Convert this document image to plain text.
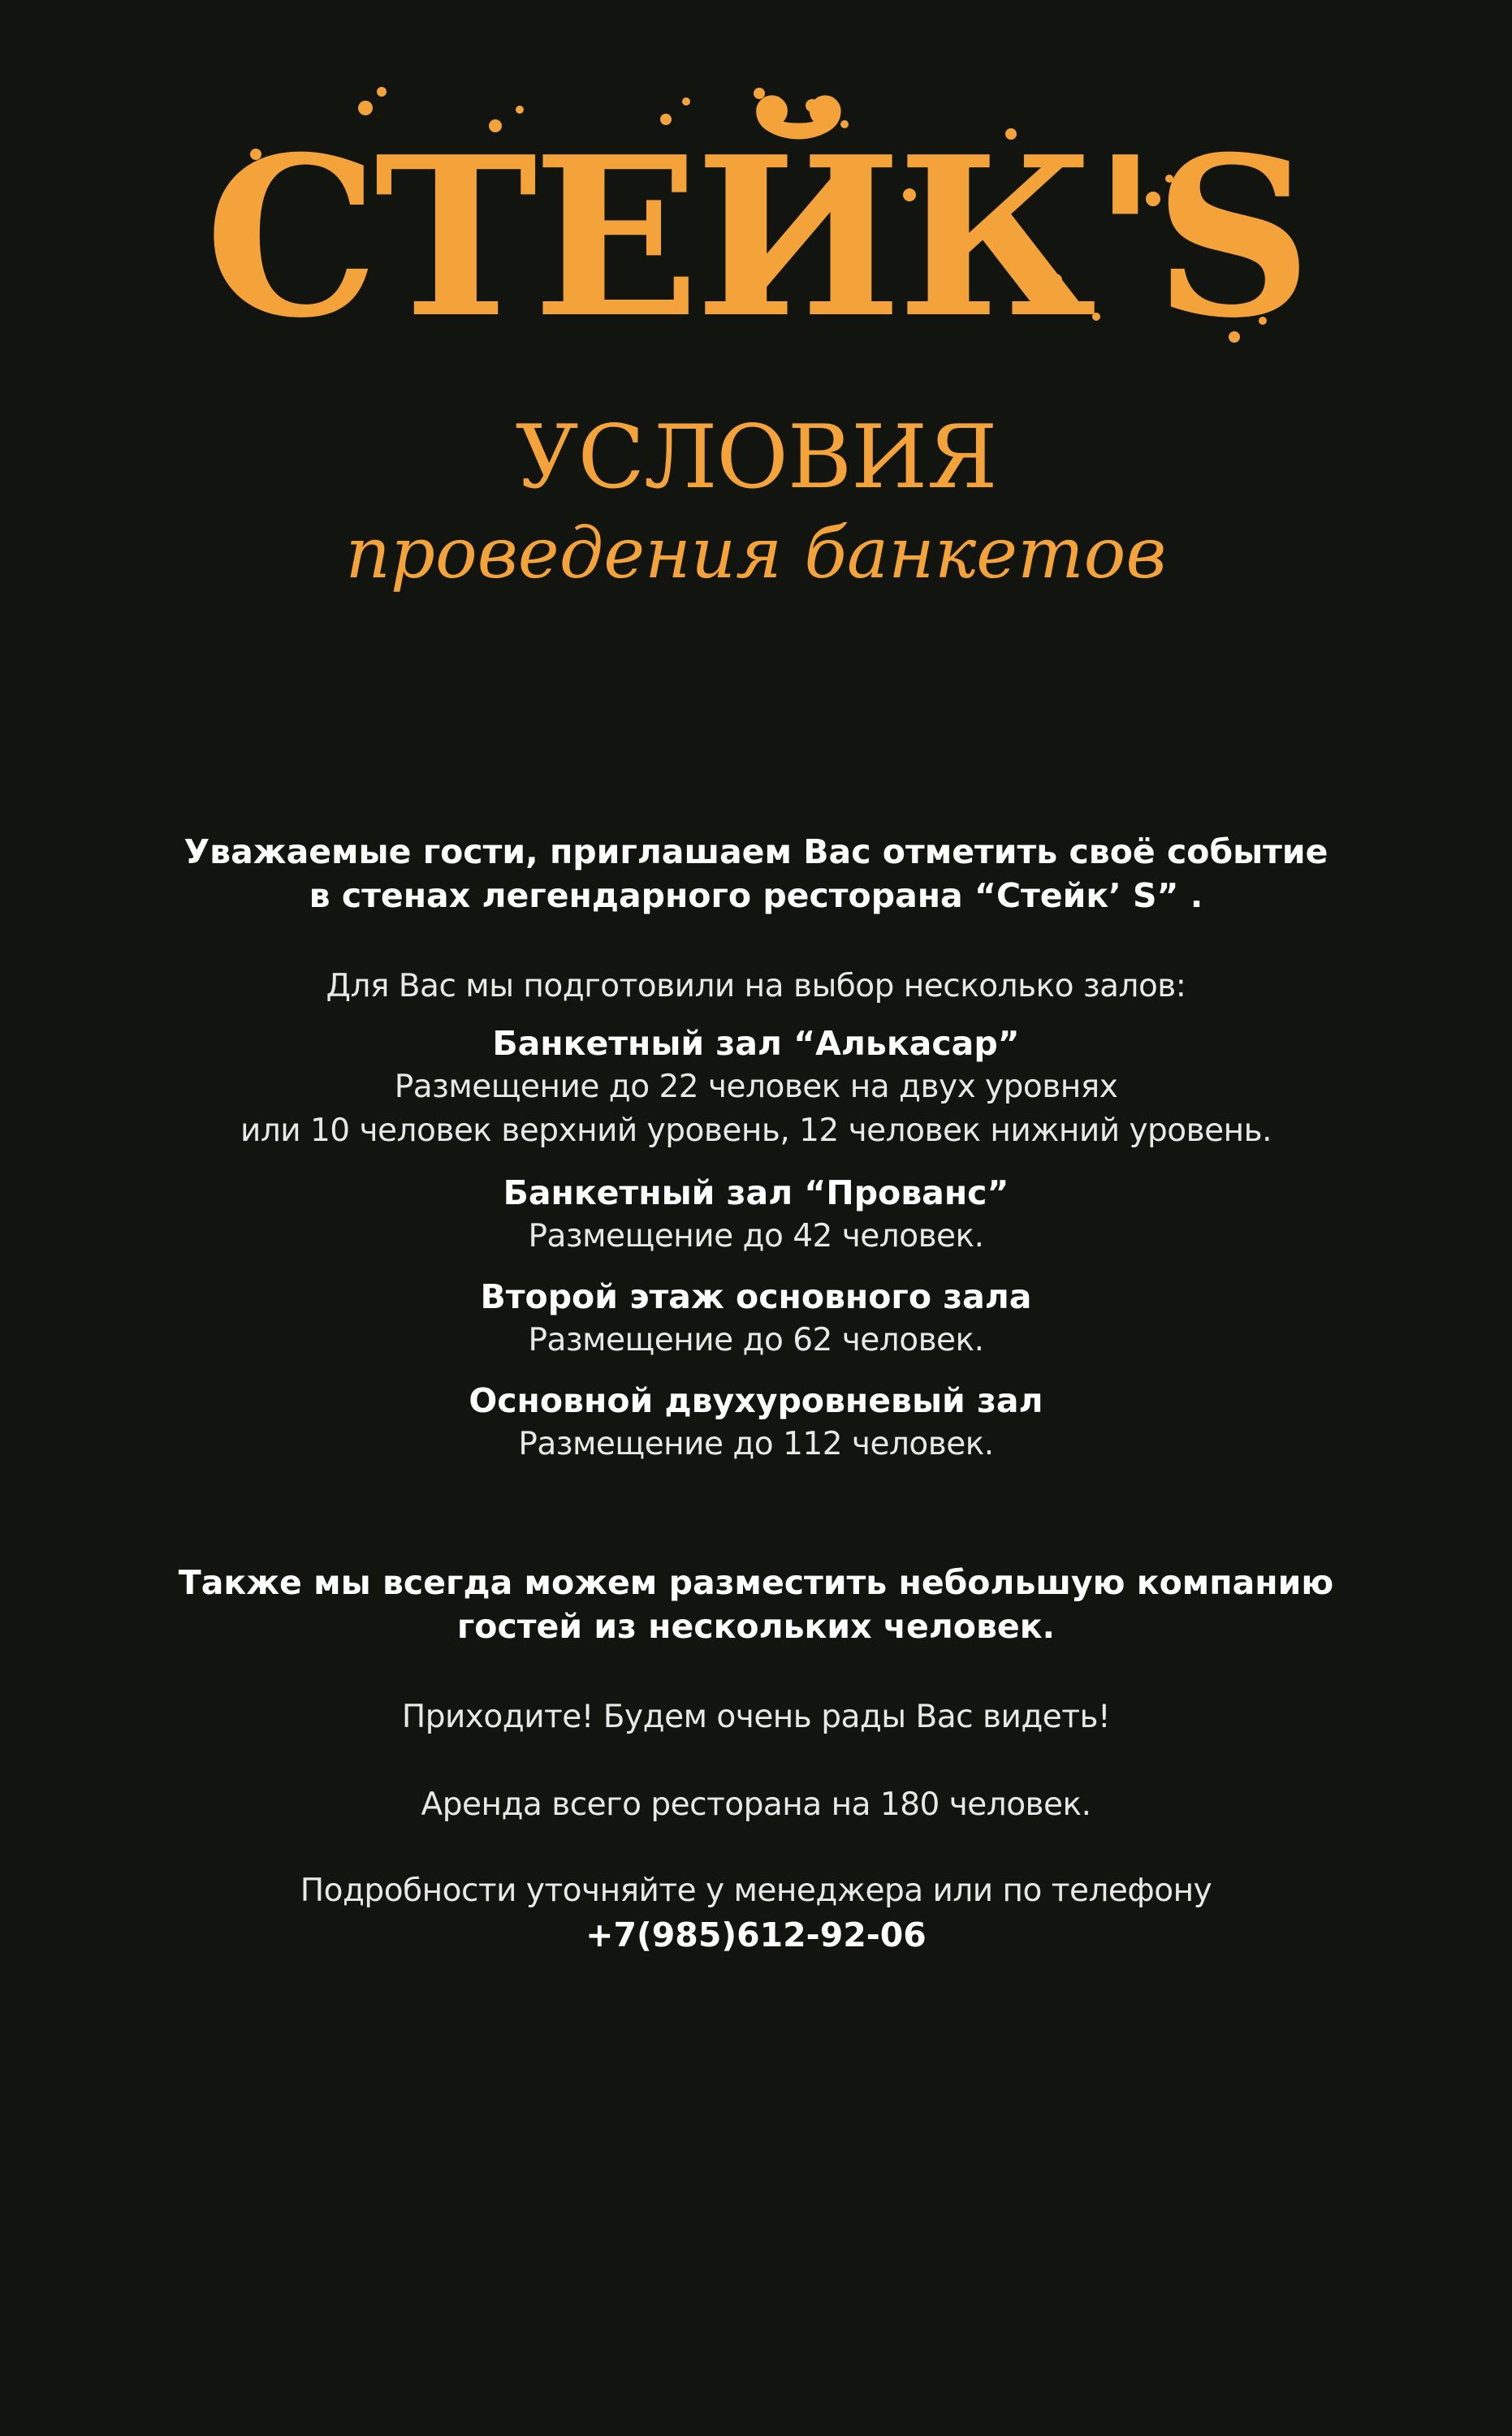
СТЕЙК'S
УСЛОВИЯ
проведения банкетов
Уважаемые гости, приглашаем Вас отметить своё событие
в стенах легендарного ресторана “Стейк’ S” .
Для Вас мы подготовили на выбор несколько залов:
Банкетный зал “Алькасар”
Размещение до 22 человек на двух уровнях
или 10 человек верхний уровень, 12 человек нижний уровень.
Банкетный зал “Прованс”
Размещение до 42 человек.
Второй этаж основного зала
Размещение до 62 человек.
Основной двухуровневый зал
Размещение до 112 человек.
Также мы всегда можем разместить небольшую компанию
гостей из нескольких человек.
Приходите! Будем очень рады Вас видеть!
Аренда всего ресторана на 180 человек.
Подробности уточняйте у менеджера или по телефону
+7(985)612-92-06
